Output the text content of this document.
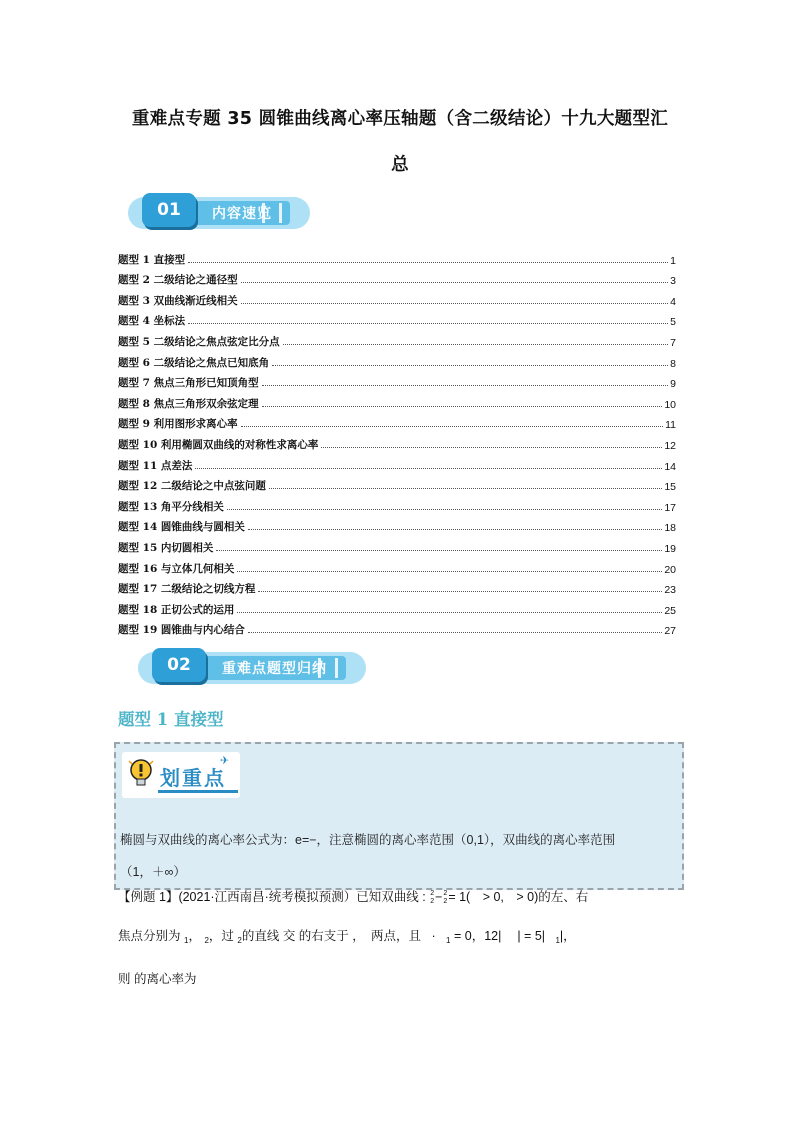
重难点专题 35 圆锥曲线离心率压轴题（含二级结论）十九大题型汇
总
01	内容速览
题型 1 直接型	1
题型 2 二级结论之通径型	3
题型 3 双曲线渐近线相关	4
题型 4 坐标法	5
题型 5 二级结论之焦点弦定比分点	7
题型 6 二级结论之焦点已知底角	8
题型 7 焦点三角形已知顶角型	9
题型 8 焦点三角形双余弦定理	10
题型 9 利用图形求离心率	11
题型 10 利用椭圆双曲线的对称性求离心率	12
题型 11 点差法	14
题型 12 二级结论之中点弦问题	15
题型 13 角平分线相关	17
题型 14 圆锥曲线与圆相关	18
题型 15 内切圆相关	19
题型 16 与立体几何相关	20
题型 17 二级结论之切线方程	23
题型 18 正切公式的运用	25
题型 19 圆锥曲与内心结合	27
02	重难点题型归纳
题型 1 直接型
划重点
✈
椭圆与双曲线的离心率公式为：e=−，注意椭圆的离心率范围（0,1），双曲线的离心率范围
（1，＋∞）
【例题 1】(2021·江西南昌·统考模拟预测）已知双曲线 : 2
2 − 2
2 = 1(　> 0,　> 0)的左、右
焦点分别为 $_1$， $_2$，过 $_2$的直线 交 的右支于 ，　两点，且 · $_1$ = 0，12|　 | = 5| $_1$|，
则 的离心率为
